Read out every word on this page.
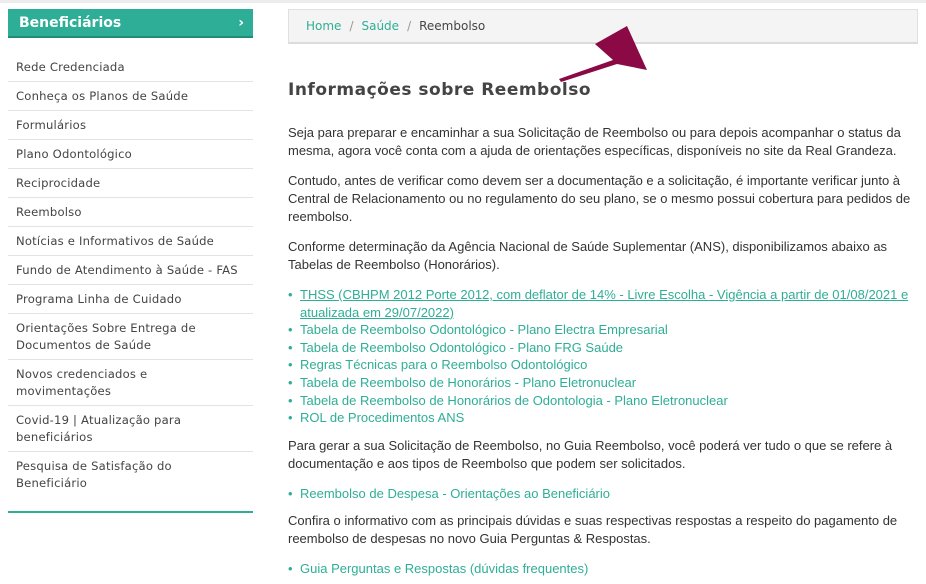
Beneficiários	›
Rede Credenciada
Conheça os Planos de Saúde
Formulários
Plano Odontológico
Reciprocidade
Reembolso
Notícias e Informativos de Saúde
Fundo de Atendimento à Saúde - FAS
Programa Linha de Cuidado
Orientações Sobre Entrega de Documentos de Saúde
Novos credenciados e movimentações
Covid-19 | Atualização para beneficiários
Pesquisa de Satisfação do Beneficiário
Home / Saúde / Reembolso
Informações sobre Reembolso

Seja para preparar e encaminhar a sua Solicitação de Reembolso ou para depois acompanhar o status da mesma, agora você conta com a ajuda de orientações específicas, disponíveis no site da Real Grandeza.

Contudo, antes de verificar como devem ser a documentação e a solicitação, é importante verificar junto à Central de Relacionamento ou no regulamento do seu plano, se o mesmo possui cobertura para pedidos de reembolso.

Conforme determinação da Agência Nacional de Saúde Suplementar (ANS), disponibilizamos abaixo as Tabelas de Reembolso (Honorários).

• THSS (CBHPM 2012 Porte 2012, com deflator de 14% - Livre Escolha - Vigência a partir de 01/08/2021 e atualizada em 29/07/2022)
• Tabela de Reembolso Odontológico - Plano Electra Empresarial
• Tabela de Reembolso Odontológico - Plano FRG Saúde
• Regras Técnicas para o Reembolso Odontológico
• Tabela de Reembolso de Honorários - Plano Eletronuclear
• Tabela de Reembolso de Honorários de Odontologia - Plano Eletronuclear
• ROL de Procedimentos ANS

Para gerar a sua Solicitação de Reembolso, no Guia Reembolso, você poderá ver tudo o que se refere à documentação e aos tipos de Reembolso que podem ser solicitados.

• Reembolso de Despesa - Orientações ao Beneficiário

Confira o informativo com as principais dúvidas e suas respectivas respostas a respeito do pagamento de reembolso de despesas no novo Guia Perguntas & Respostas.

• Guia Perguntas e Respostas (dúvidas frequentes)
